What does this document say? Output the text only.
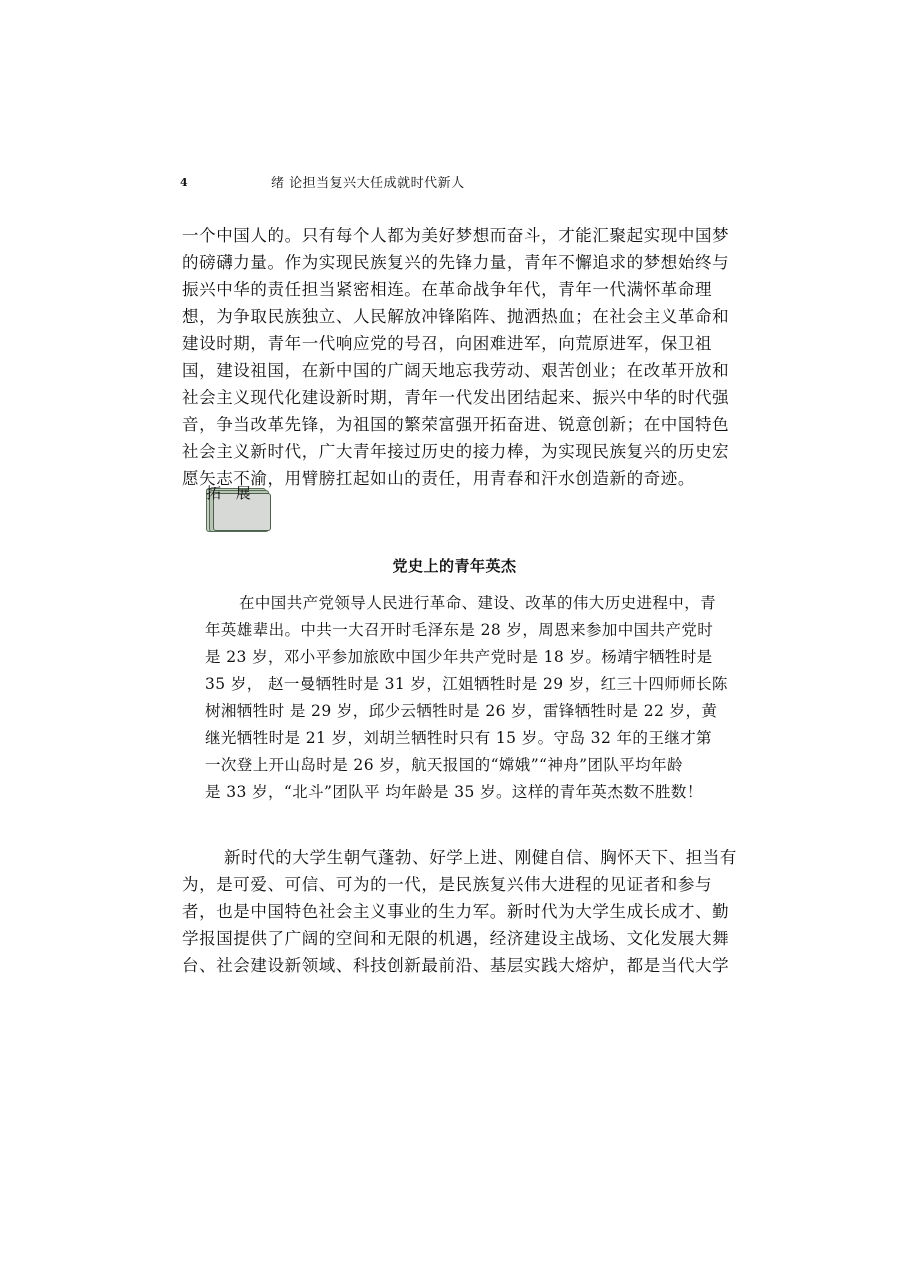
4	绪 论担当复兴大任成就时代新人

一个中国人的。只有每个人都为美好梦想而奋斗，才能汇聚起实现中国梦
的磅礴力量。作为实现民族复兴的先锋力量，青年不懈追求的梦想始终与
振兴中华的责任担当紧密相连。在革命战争年代，青年一代满怀革命理
想，为争取民族独立、人民解放冲锋陷阵、抛洒热血；在社会主义革命和
建设时期，青年一代响应党的号召，向困难进军，向荒原进军，保卫祖
国，建设祖国，在新中国的广阔天地忘我劳动、艰苦创业；在改革开放和
社会主义现代化建设新时期，青年一代发出团结起来、振兴中华的时代强
音，争当改革先锋，为祖国的繁荣富强开拓奋进、锐意创新；在中国特色
社会主义新时代，广大青年接过历史的接力棒，为实现民族复兴的历史宏
愿矢志不渝，用臂膀扛起如山的责任，用青春和汗水创造新的奇迹。

拓 展
党史上的青年英杰

在中国共产党领导人民进行革命、建设、改革的伟大历史进程中，青
年英雄辈出。中共一大召开时毛泽东是 28 岁，周恩来参加中国共产党时
是 23 岁，邓小平参加旅欧中国少年共产党时是 18 岁。杨靖宇牺牲时是
35 岁， 赵一曼牺牲时是 31 岁，江姐牺牲时是 29 岁，红三十四师师长陈
树湘牺牲时 是 29 岁，邱少云牺牲时是 26 岁，雷锋牺牲时是 22 岁，黄
继光牺牲时是 21 岁，刘胡兰牺牲时只有 15 岁。守岛 32 年的王继才第
一次登上开山岛时是 26 岁，航天报国的“嫦娥”“神舟”团队平均年龄
是 33 岁，“北斗”团队平 均年龄是 35 岁。这样的青年英杰数不胜数！

新时代的大学生朝气蓬勃、好学上进、刚健自信、胸怀天下、担当有
为，是可爱、可信、可为的一代，是民族复兴伟大进程的见证者和参与
者，也是中国特色社会主义事业的生力军。新时代为大学生成长成才、勤
学报国提供了广阔的空间和无限的机遇，经济建设主战场、文化发展大舞
台、社会建设新领域、科技创新最前沿、基层实践大熔炉，都是当代大学
